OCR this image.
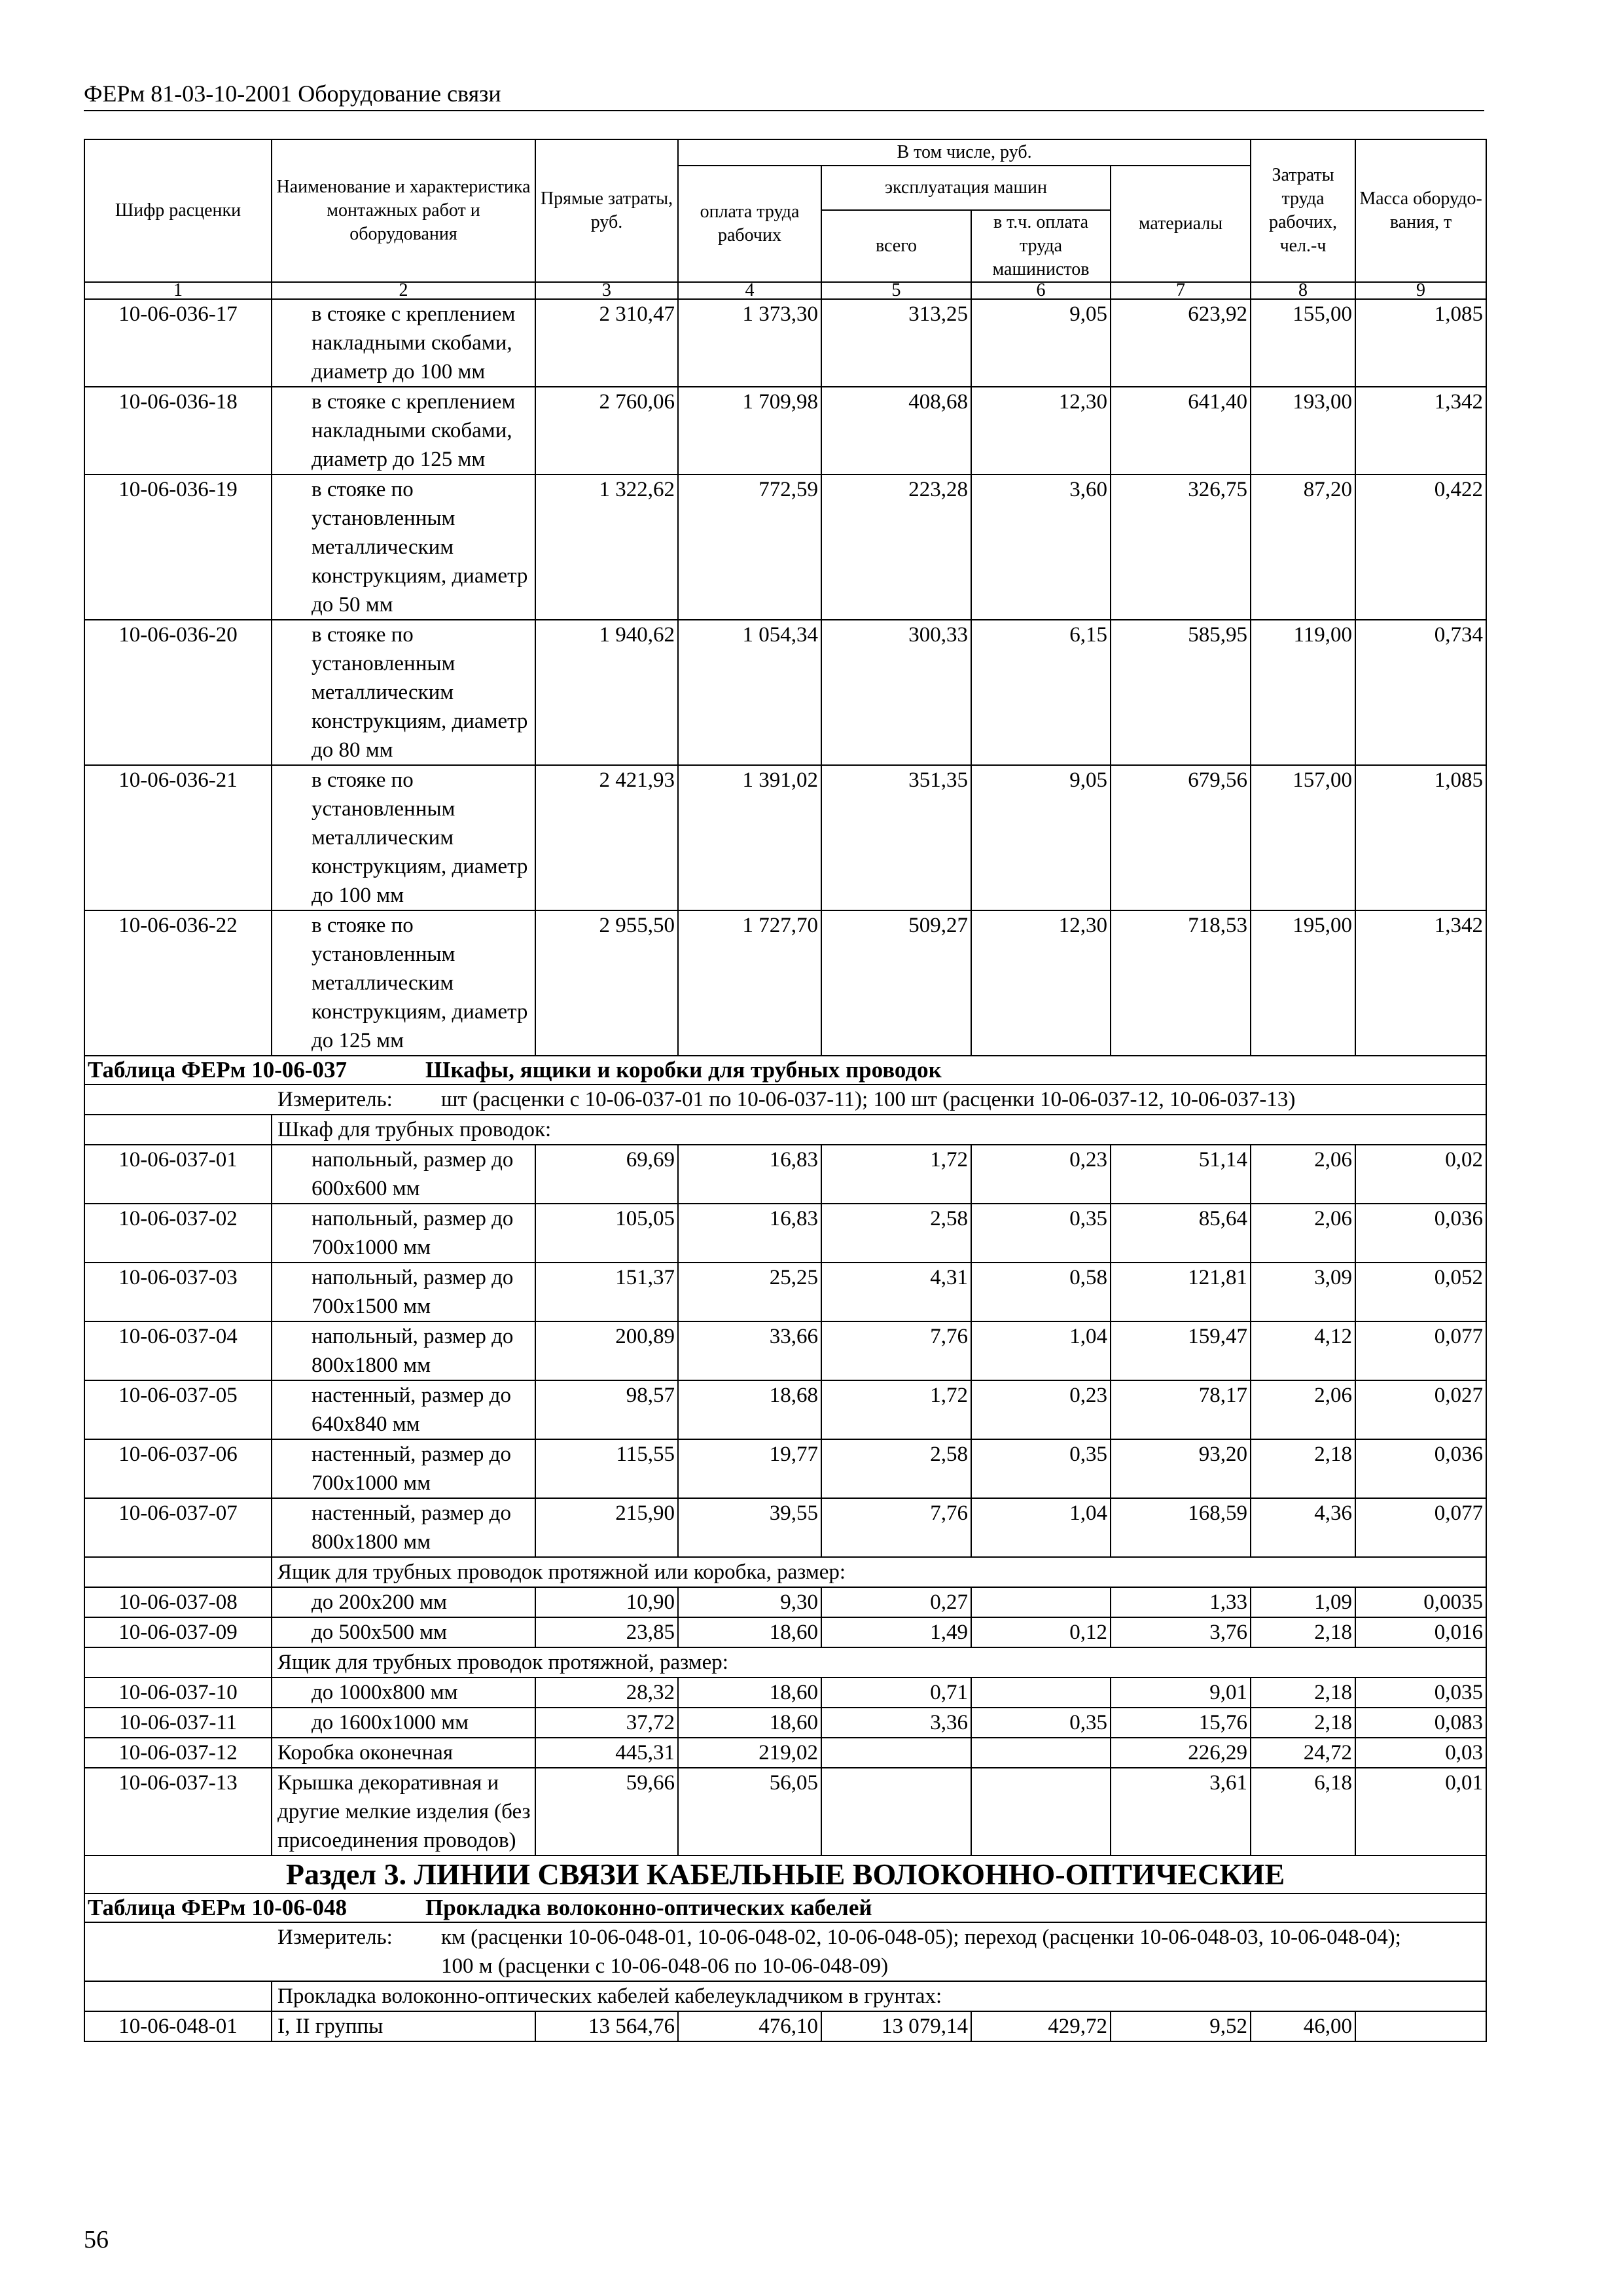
ФЕРм 81-03-10-2001 Оборудование связи
Шифр расценки	Наименование и характеристика монтажных работ и оборудования	Прямые затраты, руб.	В том числе, руб.				Затраты труда рабочих, чел.-ч	Масса оборудо-вания, т
			оплата труда рабочих	эксплуатация машин		материалы		
				всего	в т.ч. оплата труда машинистов			
1	2	3	4	5	6	7	8	9
10-06-036-17	в стояке с креплением накладными скобами, диаметр до 100 мм	2 310,47	1 373,30	313,25	9,05	623,92	155,00	1,085
10-06-036-18	в стояке с креплением накладными скобами, диаметр до 125 мм	2 760,06	1 709,98	408,68	12,30	641,40	193,00	1,342
10-06-036-19	в стояке по установленным металлическим конструкциям, диаметр до 50 мм	1 322,62	772,59	223,28	3,60	326,75	87,20	0,422
10-06-036-20	в стояке по установленным металлическим конструкциям, диаметр до 80 мм	1 940,62	1 054,34	300,33	6,15	585,95	119,00	0,734
10-06-036-21	в стояке по установленным металлическим конструкциям, диаметр до 100 мм	2 421,93	1 391,02	351,35	9,05	679,56	157,00	1,085
10-06-036-22	в стояке по установленным металлическим конструкциям, диаметр до 125 мм	2 955,50	1 727,70	509,27	12,30	718,53	195,00	1,342
Таблица ФЕРм 10-06-037 Шкафы, ящики и коробки для трубных проводок								
Измеритель: шт (расценки с 10-06-037-01 по 10-06-037-11); 100 шт (расценки 10-06-037-12, 10-06-037-13)								
	Шкаф для трубных проводок:							
10-06-037-01	напольный, размер до 600x600 мм	69,69	16,83	1,72	0,23	51,14	2,06	0,02
10-06-037-02	напольный, размер до 700x1000 мм	105,05	16,83	2,58	0,35	85,64	2,06	0,036
10-06-037-03	напольный, размер до 700x1500 мм	151,37	25,25	4,31	0,58	121,81	3,09	0,052
10-06-037-04	напольный, размер до 800x1800 мм	200,89	33,66	7,76	1,04	159,47	4,12	0,077
10-06-037-05	настенный, размер до 640x840 мм	98,57	18,68	1,72	0,23	78,17	2,06	0,027
10-06-037-06	настенный, размер до 700x1000 мм	115,55	19,77	2,58	0,35	93,20	2,18	0,036
10-06-037-07	настенный, размер до 800x1800 мм	215,90	39,55	7,76	1,04	168,59	4,36	0,077
	Ящик для трубных проводок протяжной или коробка, размер:							
10-06-037-08	до 200x200 мм	10,90	9,30	0,27		1,33	1,09	0,0035
10-06-037-09	до 500x500 мм	23,85	18,60	1,49	0,12	3,76	2,18	0,016
	Ящик для трубных проводок протяжной, размер:							
10-06-037-10	до 1000x800 мм	28,32	18,60	0,71		9,01	2,18	0,035
10-06-037-11	до 1600x1000 мм	37,72	18,60	3,36	0,35	15,76	2,18	0,083
10-06-037-12	Коробка оконечная	445,31	219,02			226,29	24,72	0,03
10-06-037-13	Крышка декоративная и другие мелкие изделия (без присоединения проводов)	59,66	56,05			3,61	6,18	0,01
Раздел 3. ЛИНИИ СВЯЗИ КАБЕЛЬНЫЕ ВОЛОКОННО-ОПТИЧЕСКИЕ								
Таблица ФЕРм 10-06-048 Прокладка волоконно-оптических кабелей								
Измеритель: км (расценки 10-06-048-01, 10-06-048-02, 10-06-048-05); переход (расценки 10-06-048-03, 10-06-048-04); 100 м (расценки с 10-06-048-06 по 10-06-048-09)								
	Прокладка волоконно-оптических кабелей кабелеукладчиком в грунтах:							
10-06-048-01	I, II группы	13 564,76	476,10	13 079,14	429,72	9,52	46,00	
56
